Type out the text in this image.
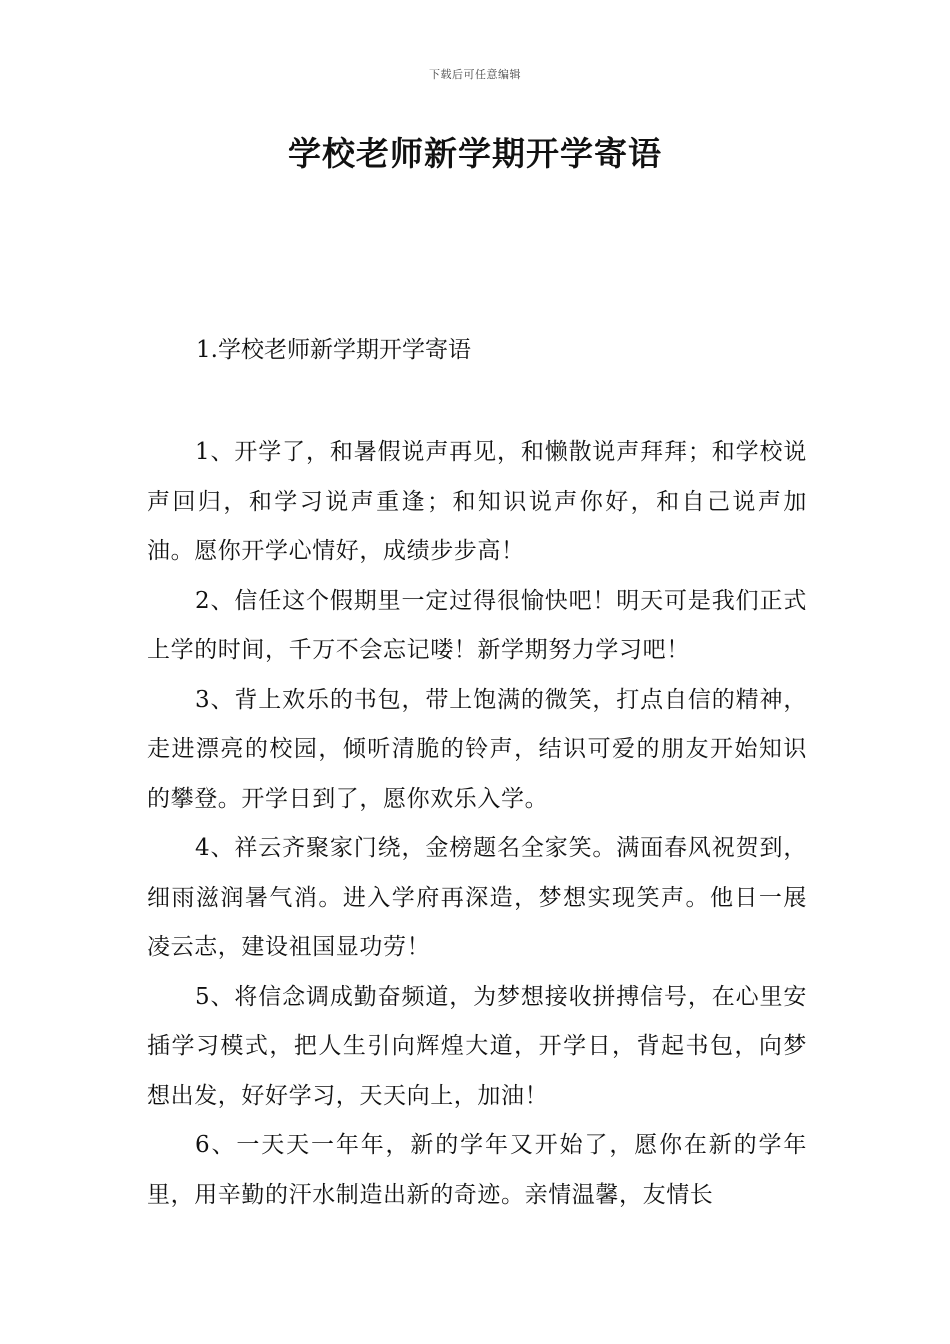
下载后可任意编辑
学校老师新学期开学寄语

1.学校老师新学期开学寄语

1、开学了，和暑假说声再见，和懒散说声拜拜；和学校说声回归，和学习说声重逢；和知识说声你好，和自己说声加油。愿你开学心情好，成绩步步高！

2、信任这个假期里一定过得很愉快吧！明天可是我们正式上学的时间，千万不会忘记喽！新学期努力学习吧！

3、背上欢乐的书包，带上饱满的微笑，打点自信的精神，走进漂亮的校园，倾听清脆的铃声，结识可爱的朋友开始知识的攀登。开学日到了，愿你欢乐入学。

4、祥云齐聚家门绕，金榜题名全家笑。满面春风祝贺到，细雨滋润暑气消。进入学府再深造，梦想实现笑声。他日一展凌云志，建设祖国显功劳！

5、将信念调成勤奋频道，为梦想接收拼搏信号，在心里安插学习模式，把人生引向辉煌大道，开学日，背起书包，向梦想出发，好好学习，天天向上，加油！

6、一天天一年年，新的学年又开始了，愿你在新的学年里，用辛勤的汗水制造出新的奇迹。亲情温馨，友情长
